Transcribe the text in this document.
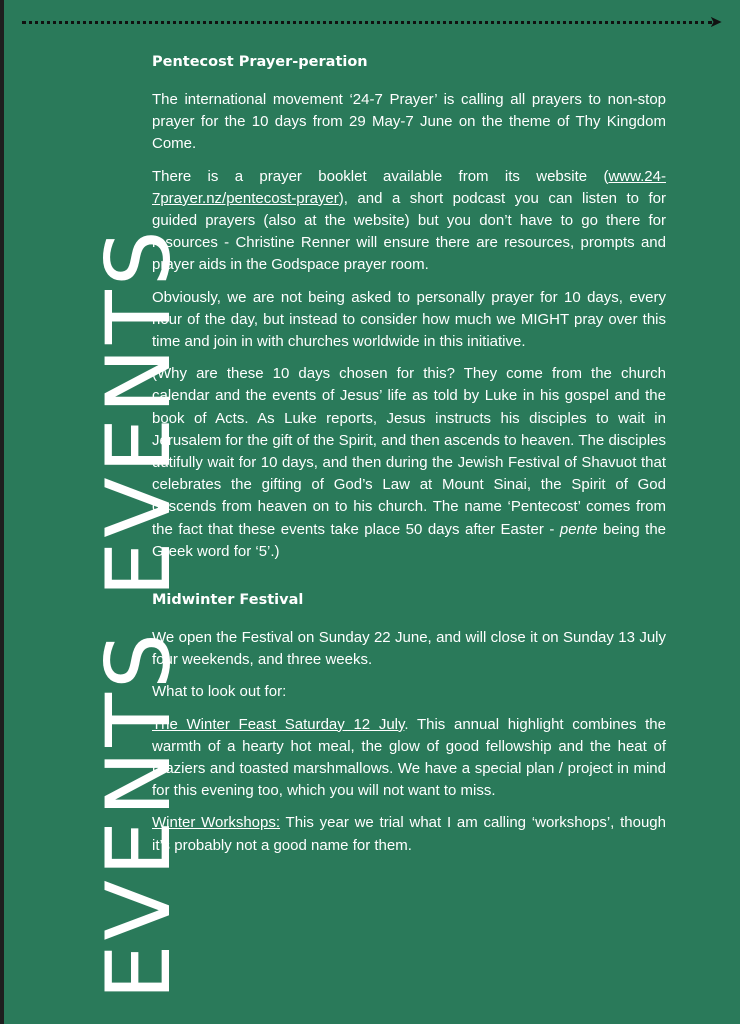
➤
EVENTS EVENTS
Pentecost Prayer-peration

The international movement ‘24-7 Prayer’ is calling all prayers to non-stop prayer for the 10 days from 29 May-7 June on the theme of Thy Kingdom Come.

There is a prayer booklet available from its website (www.24-7prayer.nz/pentecost-prayer), and a short podcast you can listen to for guided prayers (also at the website) but you don’t have to go there for resources - Christine Renner will ensure there are resources, prompts and prayer aids in the Godspace prayer room.

Obviously, we are not being asked to personally prayer for 10 days, every hour of the day, but instead to consider how much we MIGHT pray over this time and join in with churches worldwide in this initiative.

(Why are these 10 days chosen for this? They come from the church calendar and the events of Jesus’ life as told by Luke in his gospel and the book of Acts. As Luke reports, Jesus instructs his disciples to wait in Jerusalem for the gift of the Spirit, and then ascends to heaven. The disciples dutifully wait for 10 days, and then during the Jewish Festival of Shavuot that celebrates the gifting of God’s Law at Mount Sinai, the Spirit of God descends from heaven on to his church. The name ‘Pentecost’ comes from the fact that these events take place 50 days after Easter - pente being the Greek word for ‘5’.)

Midwinter Festival

We open the Festival on Sunday 22 June, and will close it on Sunday 13 July four weekends, and three weeks.

What to look out for:

The Winter Feast Saturday 12 July. This annual highlight combines the warmth of a hearty hot meal, the glow of good fellowship and the heat of braziers and toasted marshmallows. We have a special plan / project in mind for this evening too, which you will not want to miss.

Winter Workshops: This year we trial what I am calling ‘workshops’, though it’s probably not a good name for them.
